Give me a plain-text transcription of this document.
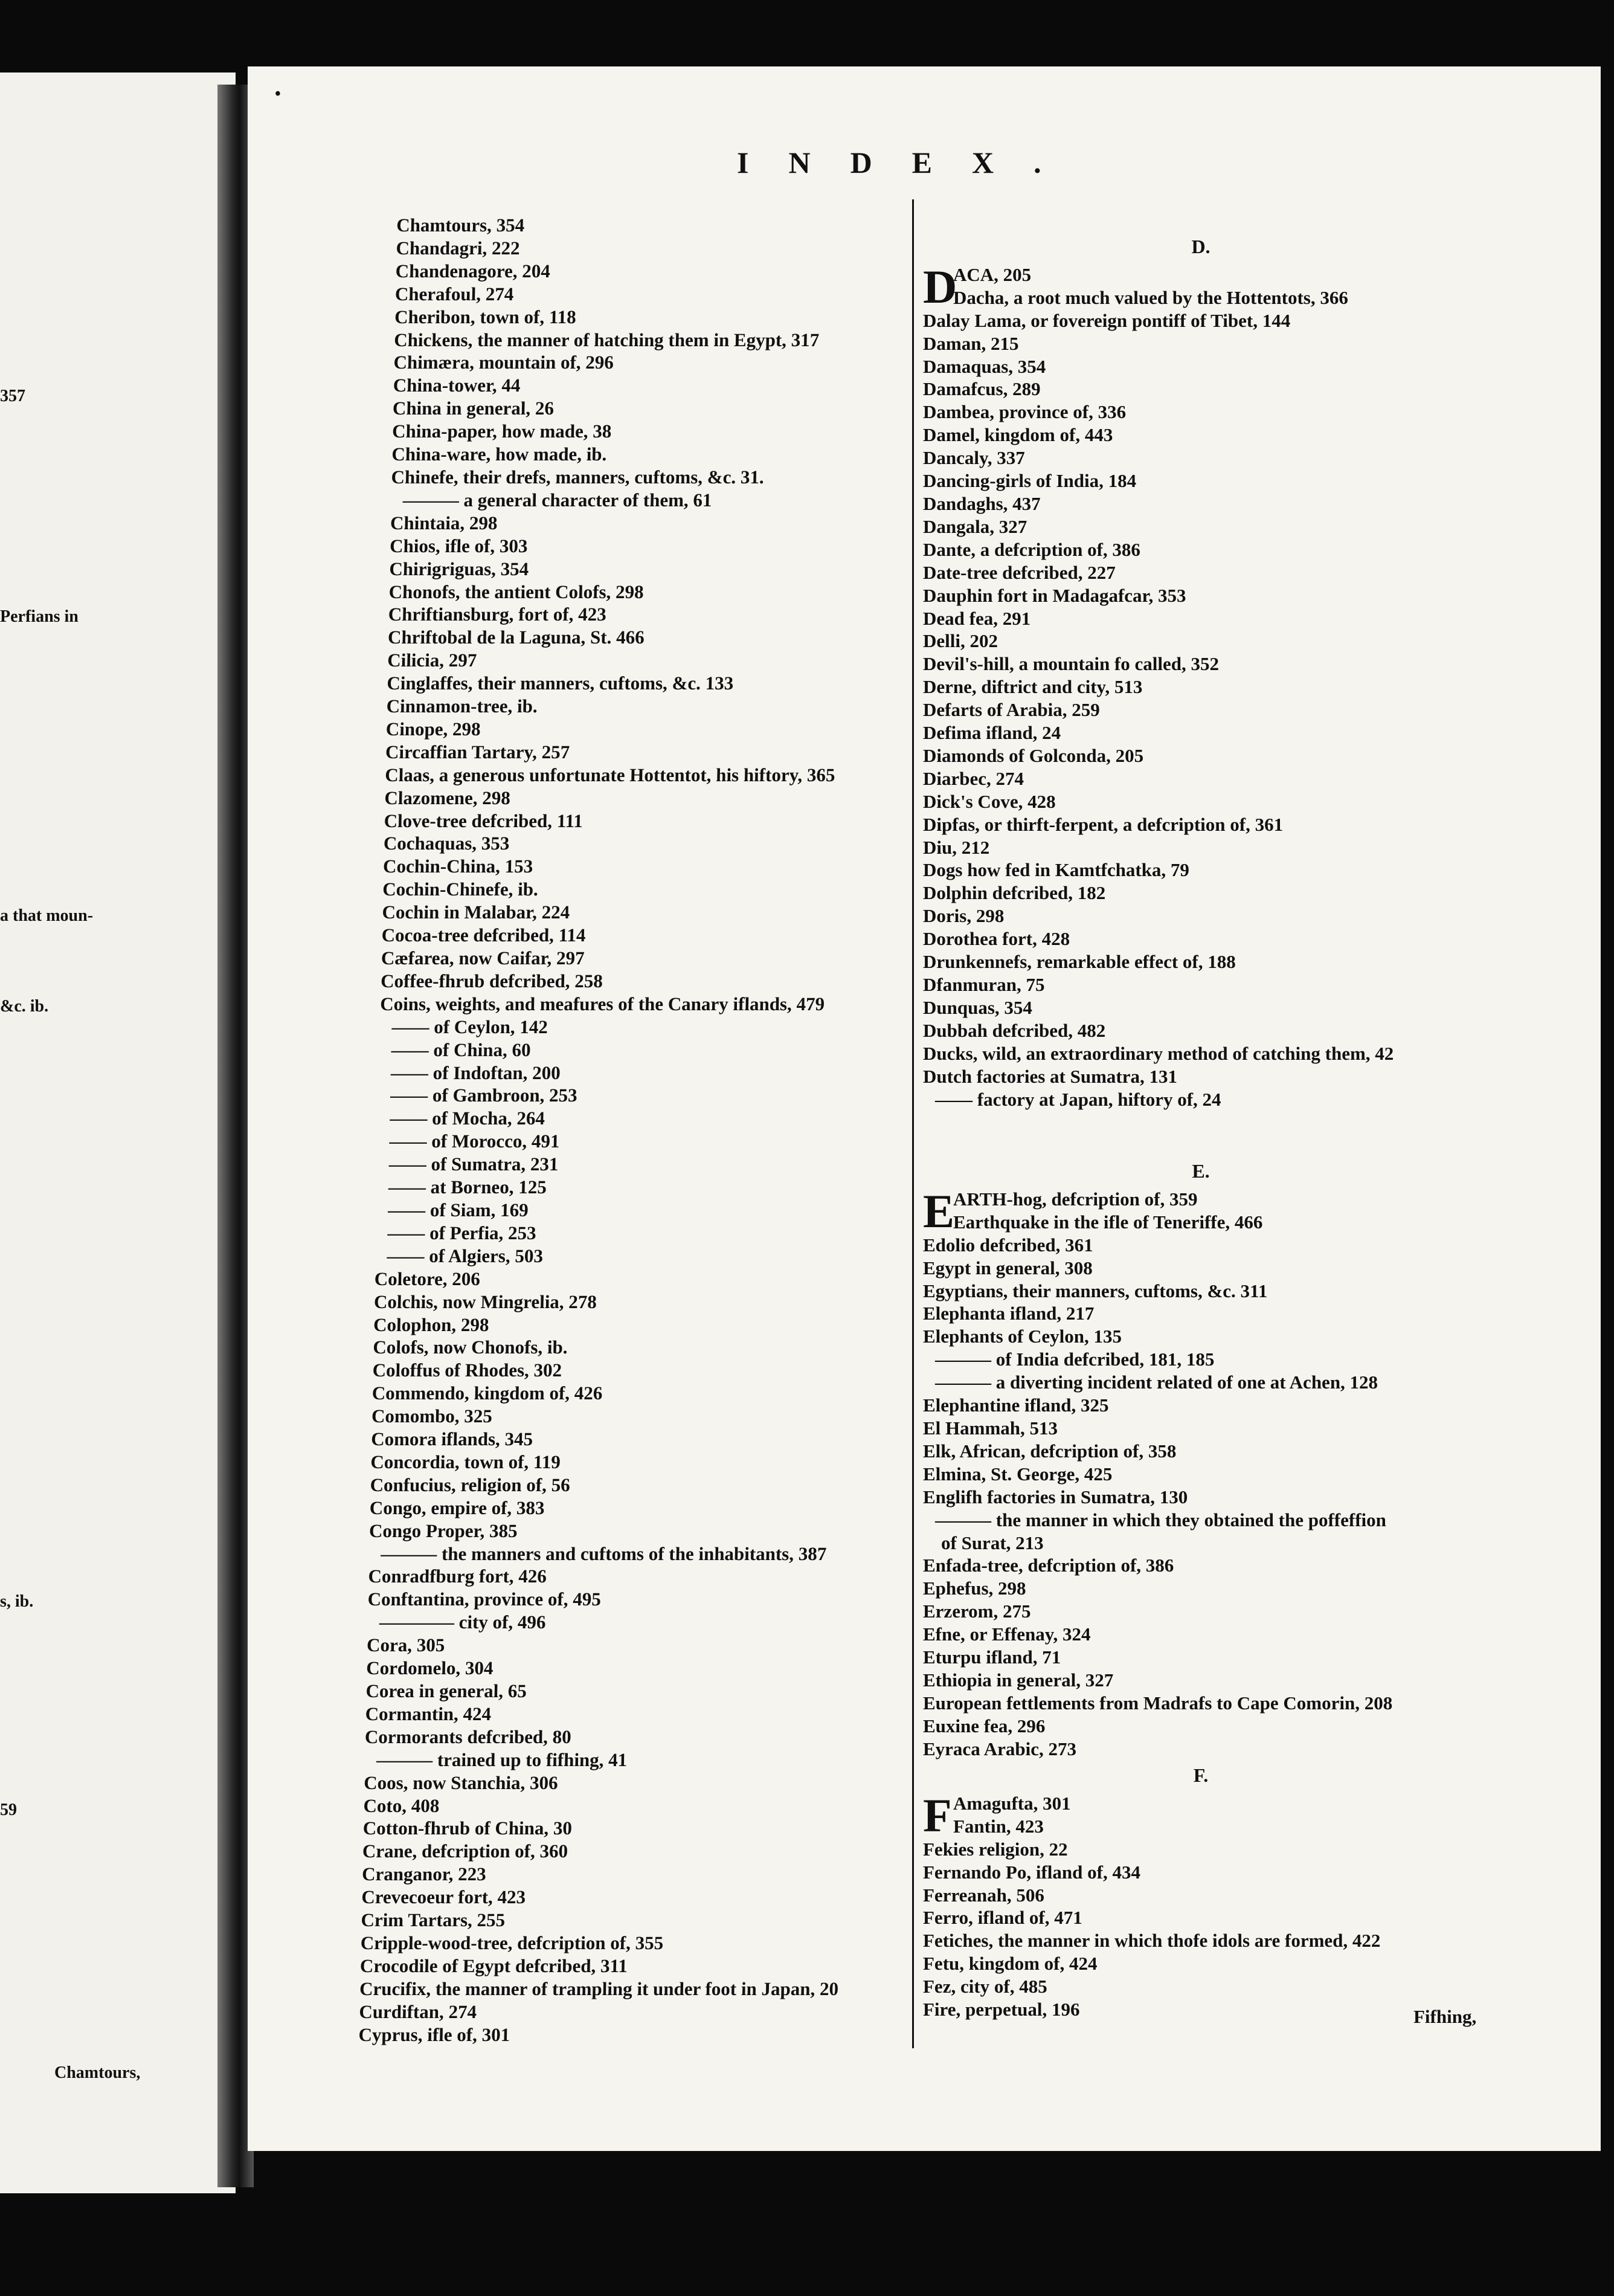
357
Perfians in
a that moun-
&c. ib.
s, ib.
59
Chamtours,
•
INDEX.
Chamtours, 354
Chandagri, 222
Chandenagore, 204
Cherafoul, 274
Cheribon, town of, 118
Chickens, the manner of hatching them in Egypt, 317
Chimæra, mountain of, 296
China-tower, 44
China in general, 26
China-paper, how made, 38
China-ware, how made, ib.
Chinefe, their drefs, manners, cuftoms, &c. 31.
——— a general character of them, 61
Chintaia, 298
Chios, ifle of, 303
Chirigriguas, 354
Chonofs, the antient Colofs, 298
Chriftiansburg, fort of, 423
Chriftobal de la Laguna, St. 466
Cilicia, 297
Cinglaffes, their manners, cuftoms, &c. 133
Cinnamon-tree, ib.
Cinope, 298
Circaffian Tartary, 257
Claas, a generous unfortunate Hottentot, his hiftory, 365
Clazomene, 298
Clove-tree defcribed, 111
Cochaquas, 353
Cochin-China, 153
Cochin-Chinefe, ib.
Cochin in Malabar, 224
Cocoa-tree defcribed, 114
Cæfarea, now Caifar, 297
Coffee-fhrub defcribed, 258
Coins, weights, and meafures of the Canary iflands, 479
—— of Ceylon, 142
—— of China, 60
—— of Indoftan, 200
—— of Gambroon, 253
—— of Mocha, 264
—— of Morocco, 491
—— of Sumatra, 231
—— at Borneo, 125
—— of Siam, 169
—— of Perfia, 253
—— of Algiers, 503
Coletore, 206
Colchis, now Mingrelia, 278
Colophon, 298
Colofs, now Chonofs, ib.
Coloffus of Rhodes, 302
Commendo, kingdom of, 426
Comombo, 325
Comora iflands, 345
Concordia, town of, 119
Confucius, religion of, 56
Congo, empire of, 383
Congo Proper, 385
——— the manners and cuftoms of the inhabitants, 387
Conradfburg fort, 426
Conftantina, province of, 495
———— city of, 496
Cora, 305
Cordomelo, 304
Corea in general, 65
Cormantin, 424
Cormorants defcribed, 80
——— trained up to fifhing, 41
Coos, now Stanchia, 306
Coto, 408
Cotton-fhrub of China, 30
Crane, defcription of, 360
Cranganor, 223
Crevecoeur fort, 423
Crim Tartars, 255
Cripple-wood-tree, defcription of, 355
Crocodile of Egypt defcribed, 311
Crucifix, the manner of trampling it under foot in Japan, 20
Curdiftan, 274
Cyprus, ifle of, 301
D.
D
ACA, 205
Dacha, a root much valued by the Hottentots, 366
Dalay Lama, or fovereign pontiff of Tibet, 144
Daman, 215
Damaquas, 354
Damafcus, 289
Dambea, province of, 336
Damel, kingdom of, 443
Dancaly, 337
Dancing-girls of India, 184
Dandaghs, 437
Dangala, 327
Dante, a defcription of, 386
Date-tree defcribed, 227
Dauphin fort in Madagafcar, 353
Dead fea, 291
Delli, 202
Devil's-hill, a mountain fo called, 352
Derne, diftrict and city, 513
Defarts of Arabia, 259
Defima ifland, 24
Diamonds of Golconda, 205
Diarbec, 274
Dick's Cove, 428
Dipfas, or thirft-ferpent, a defcription of, 361
Diu, 212
Dogs how fed in Kamtfchatka, 79
Dolphin defcribed, 182
Doris, 298
Dorothea fort, 428
Drunkennefs, remarkable effect of, 188
Dfanmuran, 75
Dunquas, 354
Dubbah defcribed, 482
Ducks, wild, an extraordinary method of catching them, 42
Dutch factories at Sumatra, 131
—— factory at Japan, hiftory of, 24
E.
E
ARTH-hog, defcription of, 359
Earthquake in the ifle of Teneriffe, 466
Edolio defcribed, 361
Egypt in general, 308
Egyptians, their manners, cuftoms, &c. 311
Elephanta ifland, 217
Elephants of Ceylon, 135
——— of India defcribed, 181, 185
——— a diverting incident related of one at Achen, 128
Elephantine ifland, 325
El Hammah, 513
Elk, African, defcription of, 358
Elmina, St. George, 425
Englifh factories in Sumatra, 130
——— the manner in which they obtained the poffeffion
of Surat, 213
Enfada-tree, defcription of, 386
Ephefus, 298
Erzerom, 275
Efne, or Effenay, 324
Eturpu ifland, 71
Ethiopia in general, 327
European fettlements from Madrafs to Cape Comorin, 208
Euxine fea, 296
Eyraca Arabic, 273
F.
F Amagufta, 301
Fantin, 423
Fekies religion, 22
Fernando Po, ifland of, 434
Ferreanah, 506
Ferro, ifland of, 471
Fetiches, the manner in which thofe idols are formed, 422
Fetu, kingdom of, 424
Fez, city of, 485
Fire, perpetual, 196	Fifhing,
